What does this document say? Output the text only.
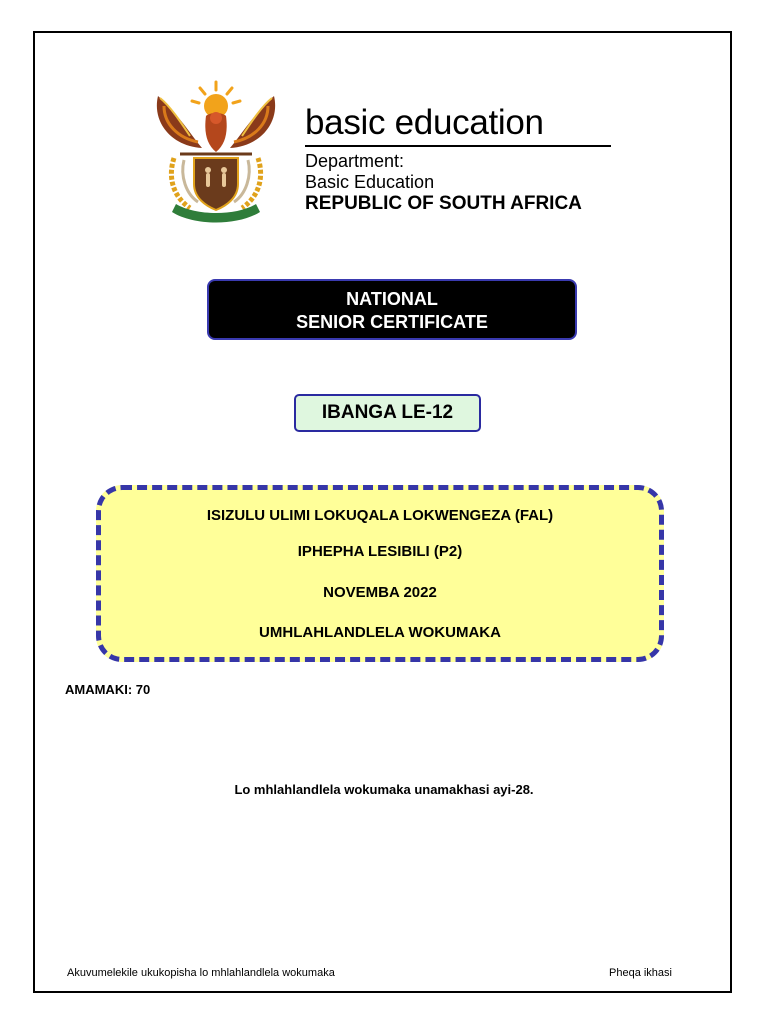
basic education
Department:
Basic Education
REPUBLIC OF SOUTH AFRICA
NATIONAL
SENIOR CERTIFICATE
IBANGA LE-12
ISIZULU ULIMI LOKUQALA LOKWENGEZA (FAL)
IPHEPHA LESIBILI (P2)
NOVEMBA 2022
UMHLAHLANDLELA WOKUMAKA
AMAMAKI: 70
Lo mhlahlandlela wokumaka unamakhasi ayi-28.
Akuvumelekile ukukopisha lo mhlahlandlela wokumaka	Pheqa ikhasi
